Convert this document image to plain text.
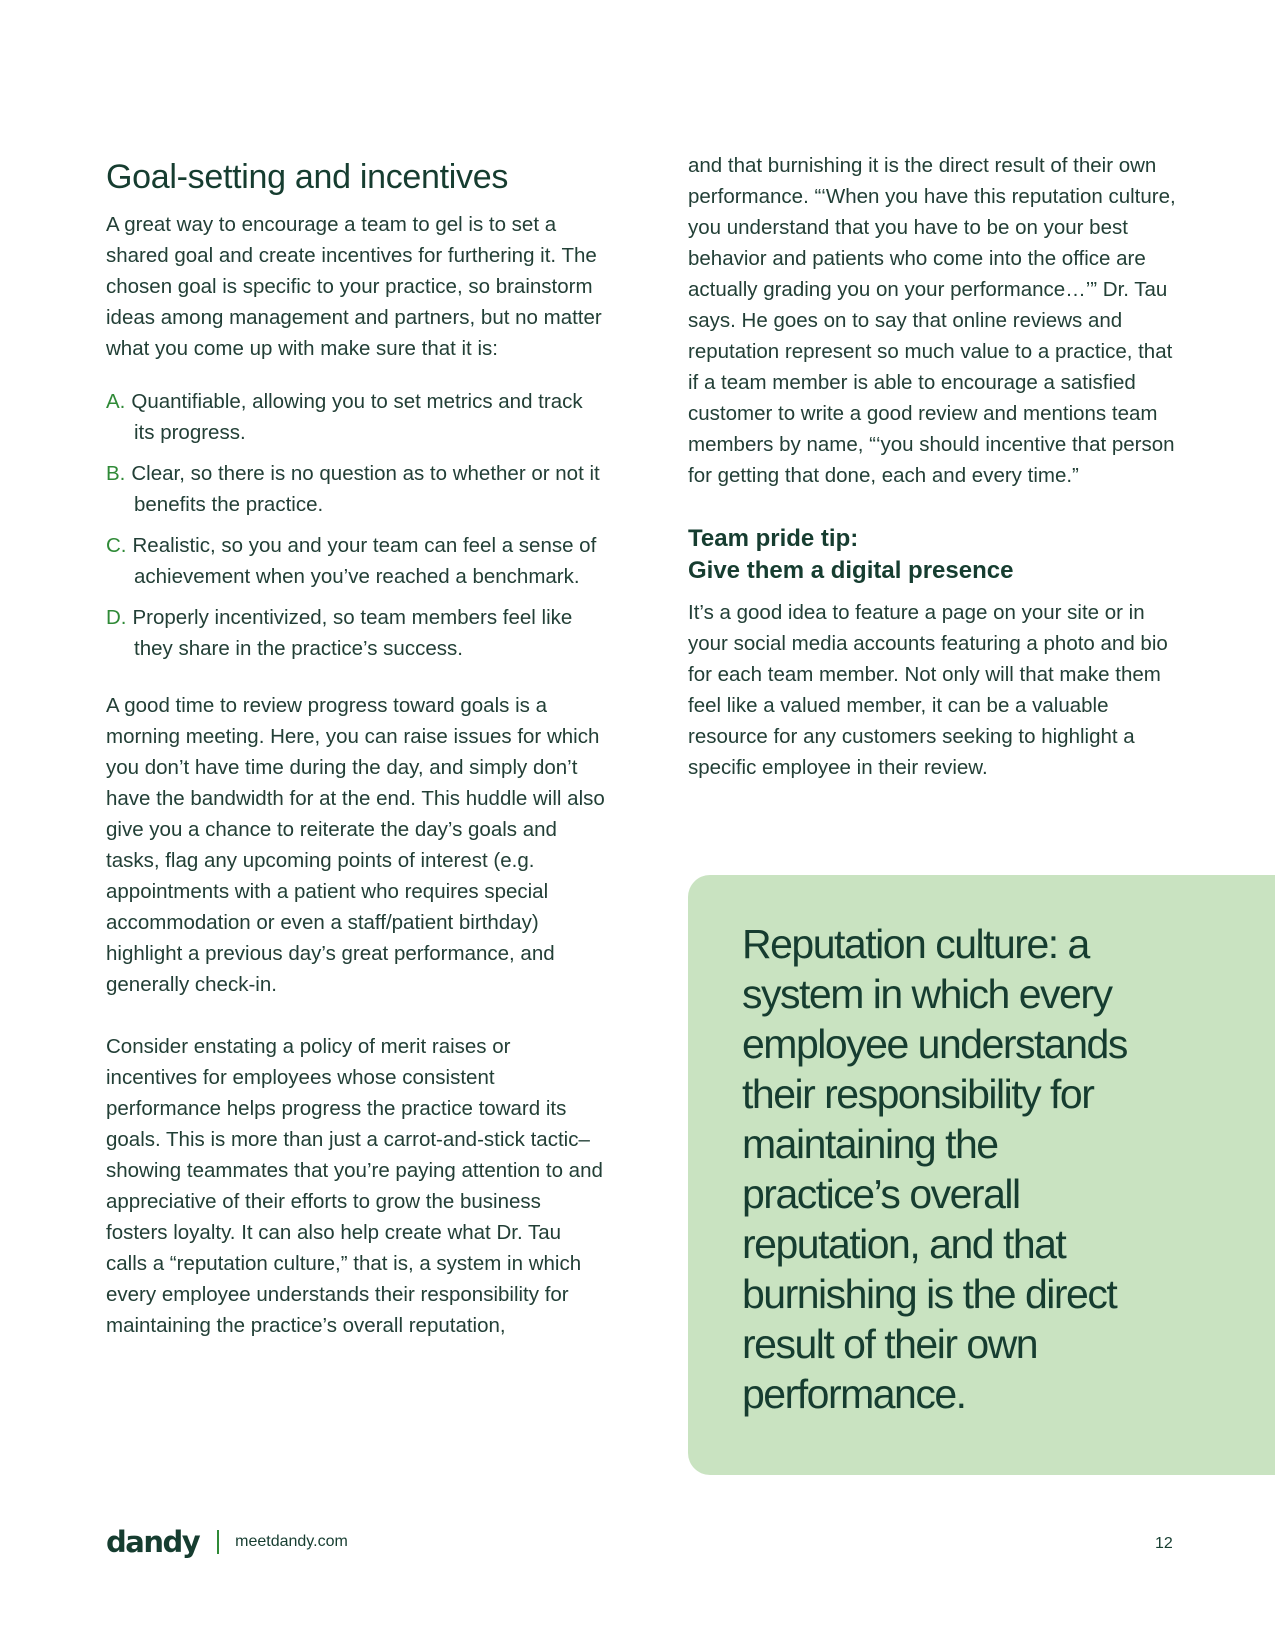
Goal-setting and incentives

A great way to encourage a team to gel is to set a shared goal and create incentives for furthering it. The chosen goal is specific to your practice, so brainstorm ideas among management and partners, but no matter what you come up with make sure that it is:

A. Quantifiable, allowing you to set metrics and track its progress.
B. Clear, so there is no question as to whether or not it benefits the practice.
C. Realistic, so you and your team can feel a sense of achievement when you’ve reached a benchmark.
D. Properly incentivized, so team members feel like they share in the practice’s success.

A good time to review progress toward goals is a morning meeting. Here, you can raise issues for which you don’t have time during the day, and simply don’t have the bandwidth for at the end. This huddle will also give you a chance to reiterate the day’s goals and tasks, flag any upcoming points of interest (e.g. appointments with a patient who requires special accommodation or even a staff/patient birthday) highlight a previous day’s great performance, and generally check-in.

Consider enstating a policy of merit raises or incentives for employees whose consistent performance helps progress the practice toward its goals. This is more than just a carrot-and-stick tactic–showing teammates that you’re paying attention to and appreciative of their efforts to grow the business fosters loyalty. It can also help create what Dr. Tau calls a “reputation culture,” that is, a system in which every employee understands their responsibility for maintaining the practice’s overall reputation,

and that burnishing it is the direct result of their own performance. “‘When you have this reputation culture, you understand that you have to be on your best behavior and patients who come into the office are actually grading you on your performance…’” Dr. Tau says. He goes on to say that online reviews and reputation represent so much value to a practice, that if a team member is able to encourage a satisfied customer to write a good review and mentions team members by name, “‘you should incentive that person for getting that done, each and every time.”

Team pride tip:
Give them a digital presence

It’s a good idea to feature a page on your site or in your social media accounts featuring a photo and bio for each team member. Not only will that make them feel like a valued member, it can be a valuable resource for any customers seeking to highlight a specific employee in their review.

Reputation culture: a system in which every employee understands their responsibility for maintaining the practice’s overall reputation, and that burnishing is the direct result of their own performance.

dandy meetdandy.com	12
